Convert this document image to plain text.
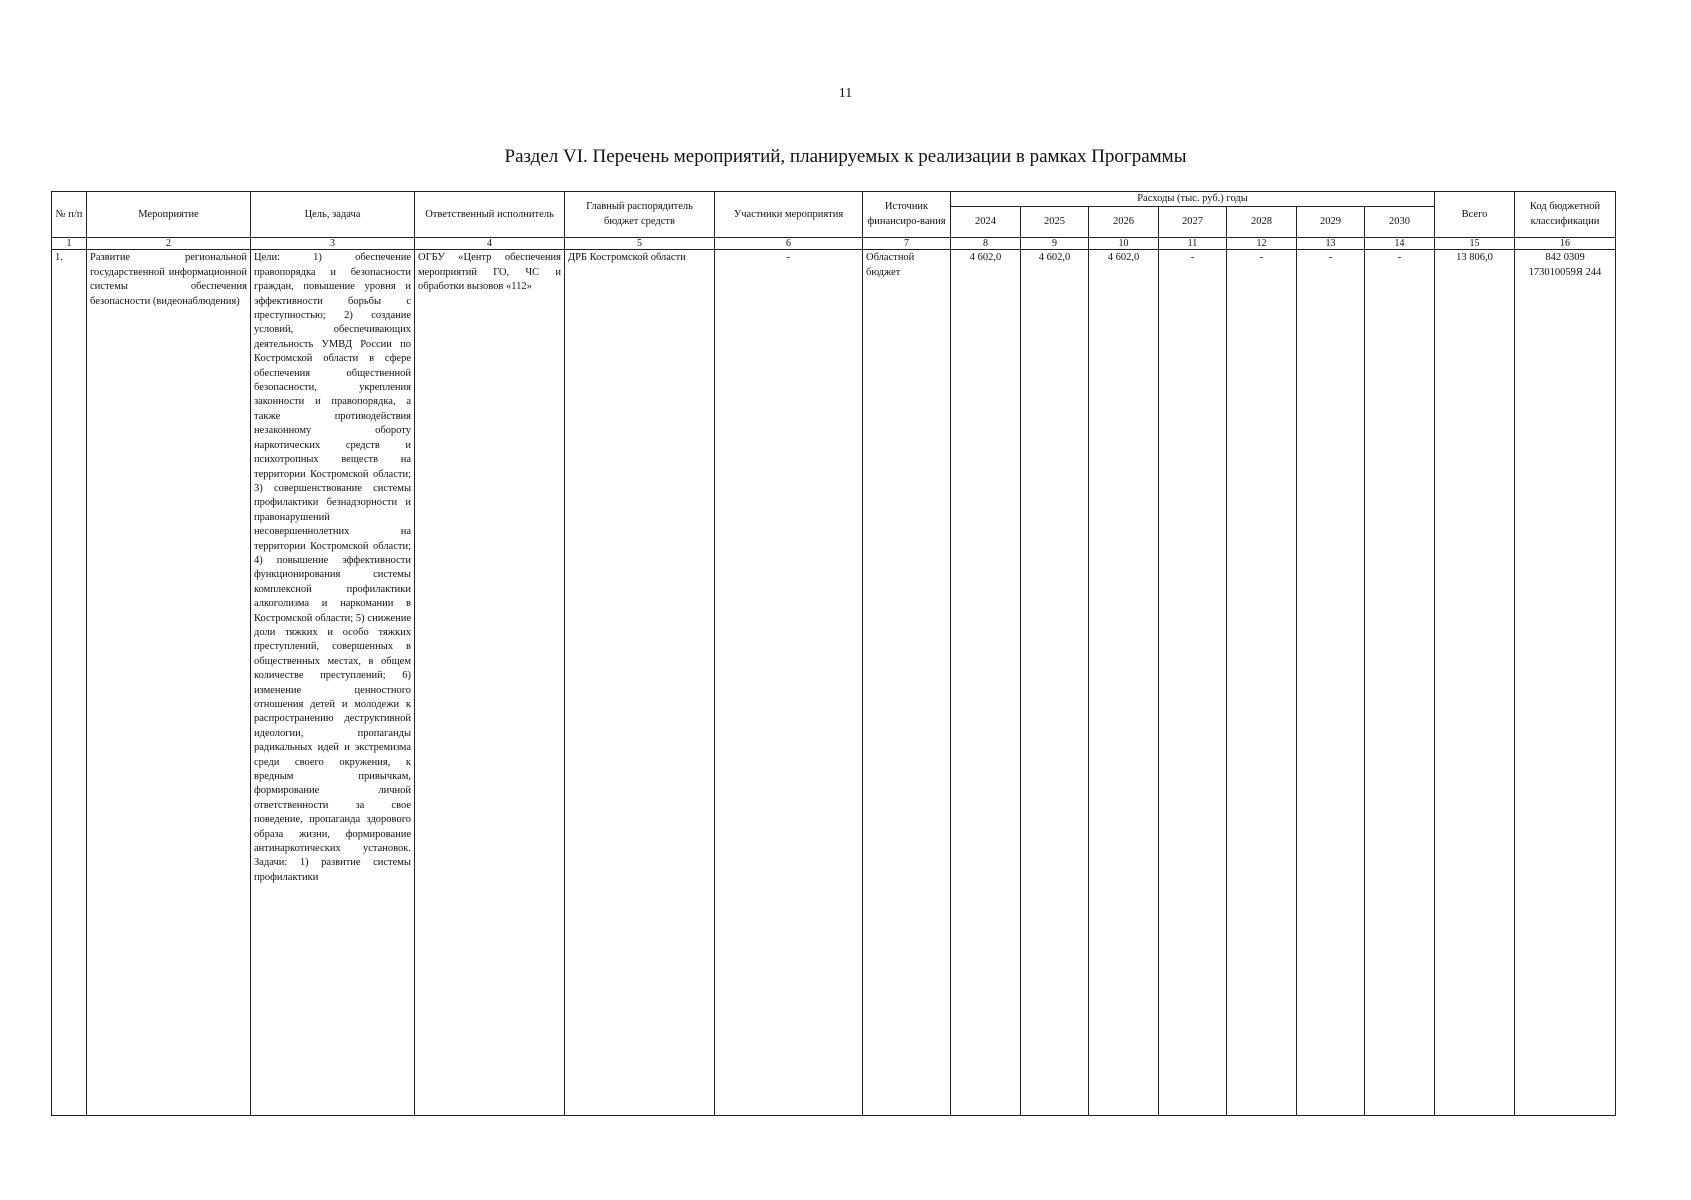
11
Раздел VI. Перечень мероприятий, планируемых к реализации в рамках Программы
№ п/п	Мероприятие	Цель, задача	Ответственный исполнитель	Главный распорядитель бюджет средств	Участники мероприятия	Источник финансиро-вания	Расходы (тыс. руб.) годы							Всего	Код бюджетной классификации
							2024	2025	2026	2027	2028	2029	2030		
1	2	3	4	5	6	7	8	9	10	11	12	13	14	15	16
1.	Развитие региональной государственной информационной системы обеспечения безопасности (видеонаблюдения)	Цели: 1) обеспечение правопорядка и безопасности граждан, повышение уровня и эффективности борьбы с преступностью; 2) создание условий, обеспечивающих деятельность УМВД России по Костромской области в сфере обеспечения общественной безопасности, укрепления законности и правопорядка, а также противодействия незаконному обороту наркотических средств и психотропных веществ на территории Костромской области; 3) совершенствование системы профилактики безнадзорности и правонарушений несовершеннолетних на территории Костромской области; 4) повышение эффективности функционирования системы комплексной профилактики алкоголизма и наркомании в Костромской области; 5) снижение доли тяжких и особо тяжких преступлений, совершенных в общественных местах, в общем количестве преступлений; 6) изменение ценностного отношения детей и молодежи к распространению деструктивной идеологии, пропаганды радикальных идей и экстремизма среди своего окружения, к вредным привычкам, формирование личной ответственности за свое поведение, пропаганда здорового образа жизни, формирование антинаркотических установок. Задачи: 1) развитие системы профилактики	ОГБУ «Центр обеспечения мероприятий ГО, ЧС и обработки вызовов «112»	ДРБ Костромской области	-	Областной бюджет	4 602,0	4 602,0	4 602,0	-	-	-	-	13 806,0	842 0309 173010059Я 244
